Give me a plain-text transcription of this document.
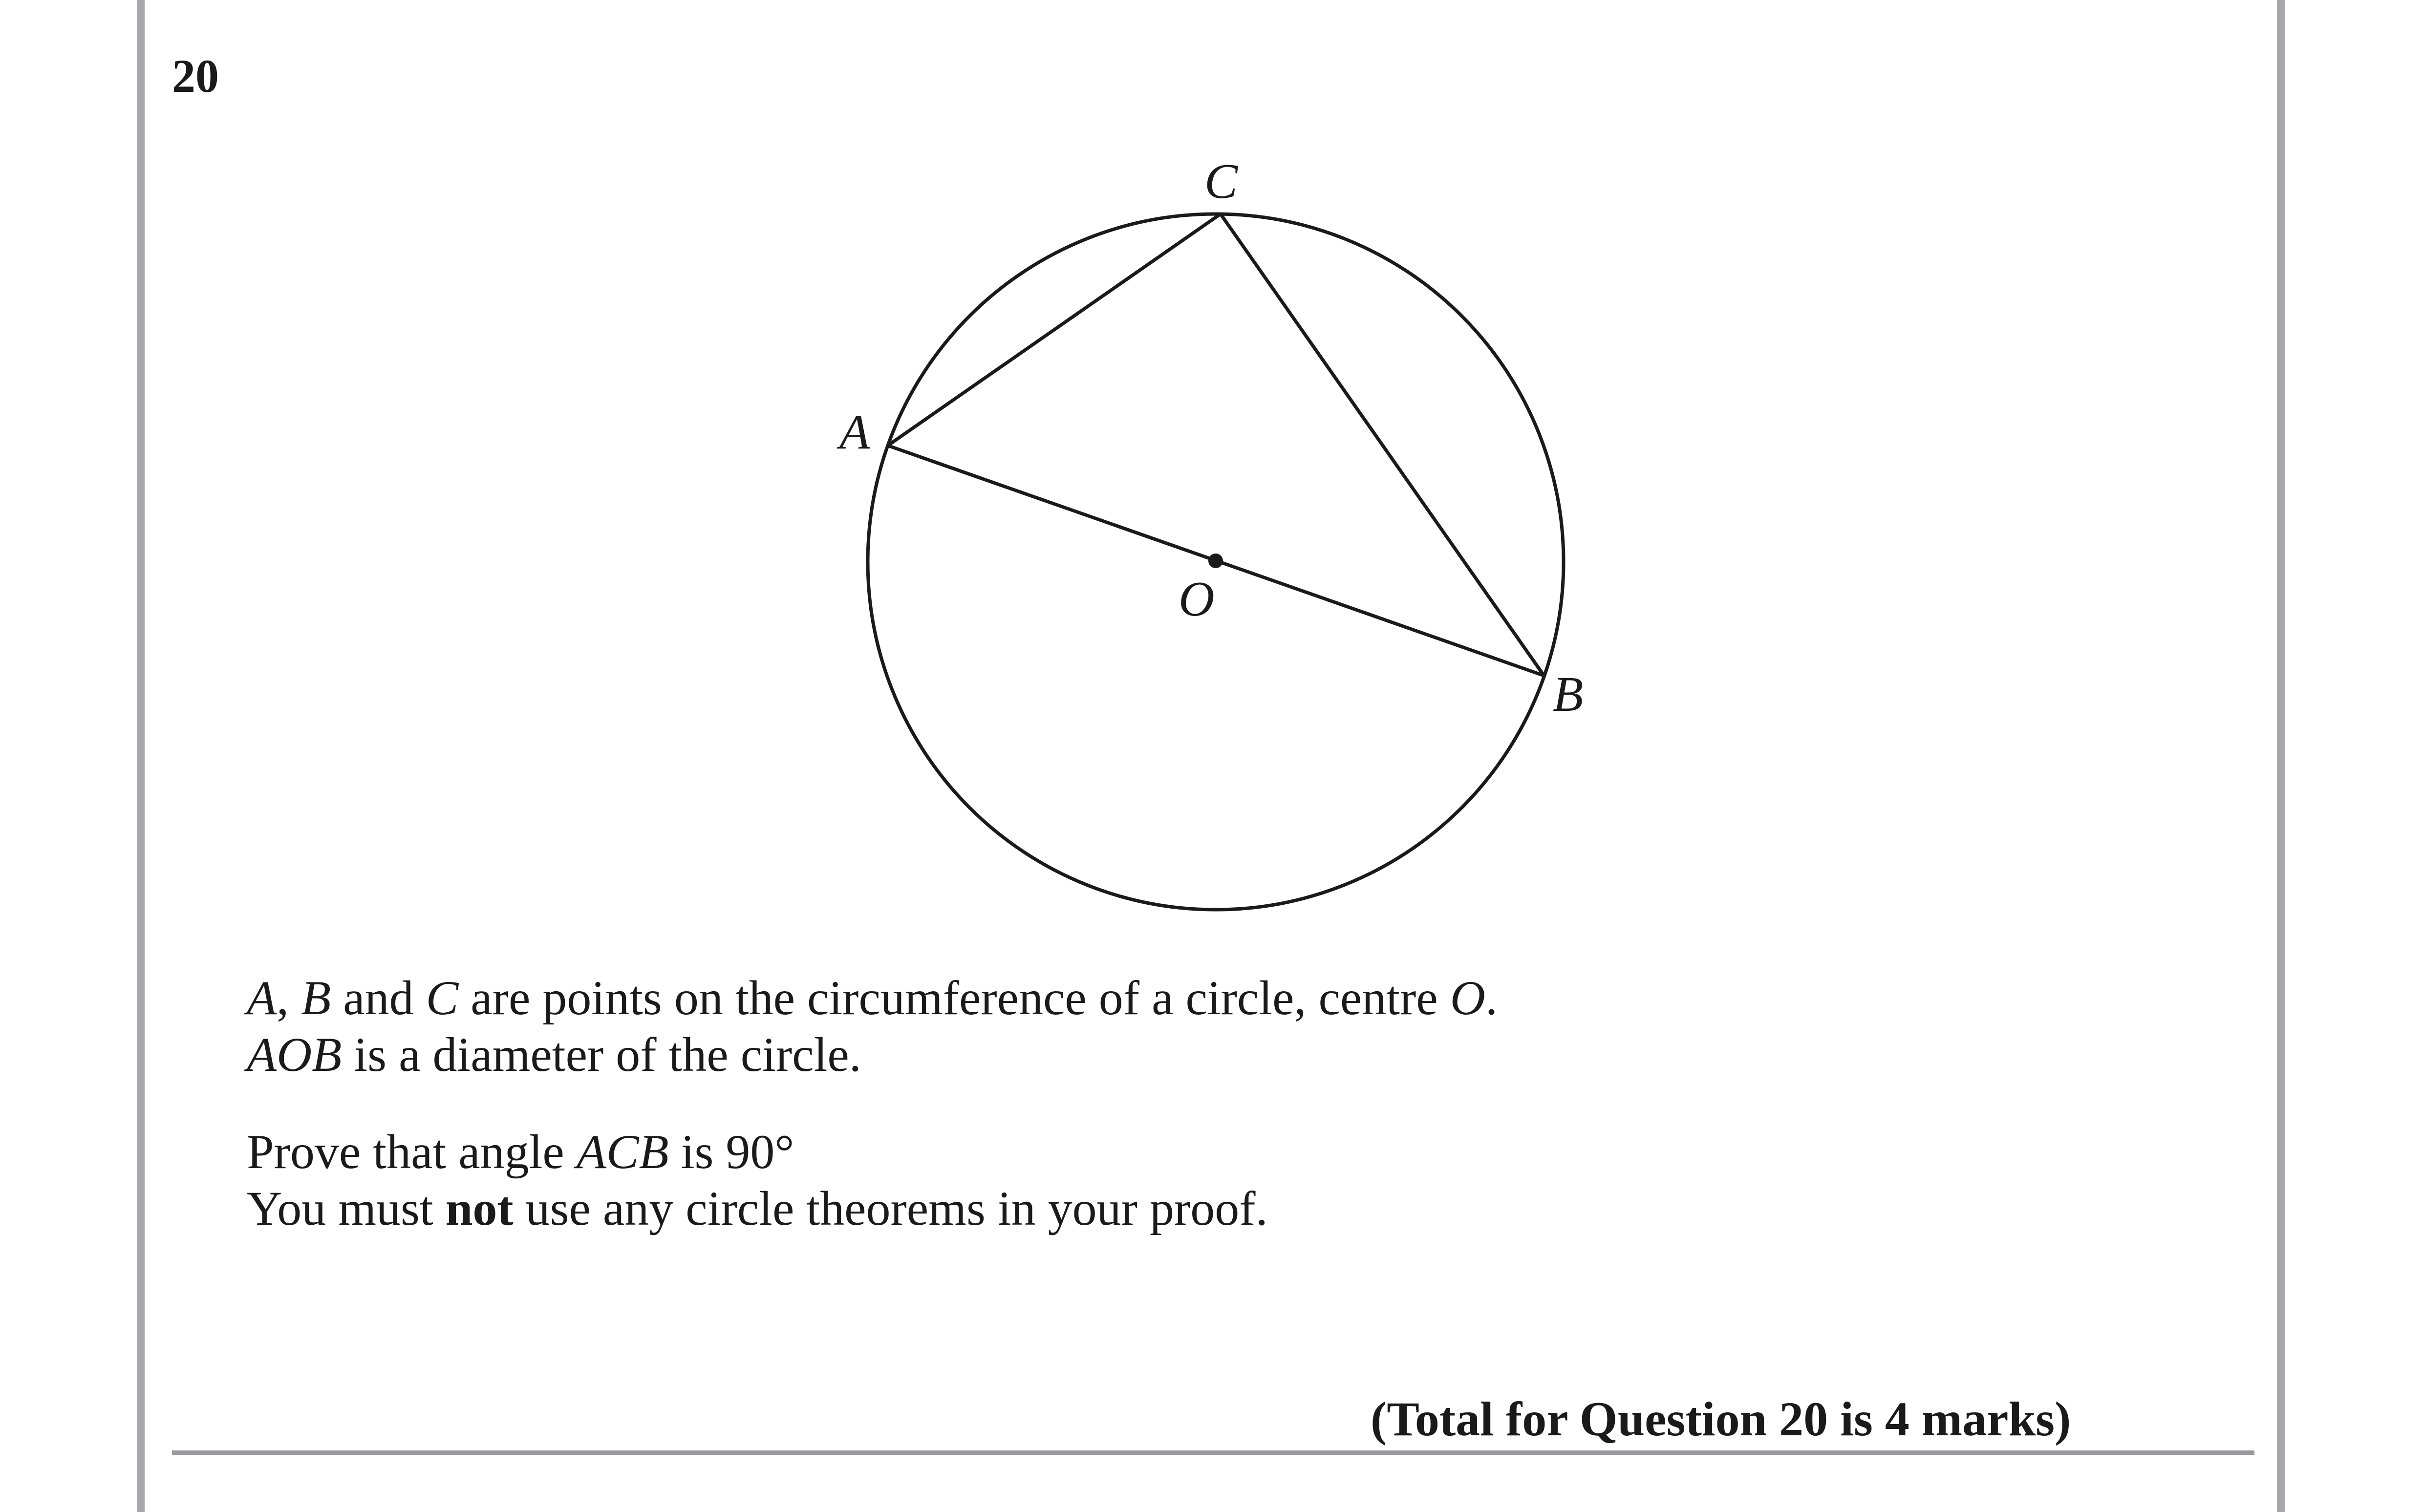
20
C
A
O
B

A, B and C are points on the circumference of a circle, centre O.

AOB is a diameter of the circle.

Prove that angle ACB is 90°

You must not use any circle theorems in your proof.

(Total for Question 20 is 4 marks)
